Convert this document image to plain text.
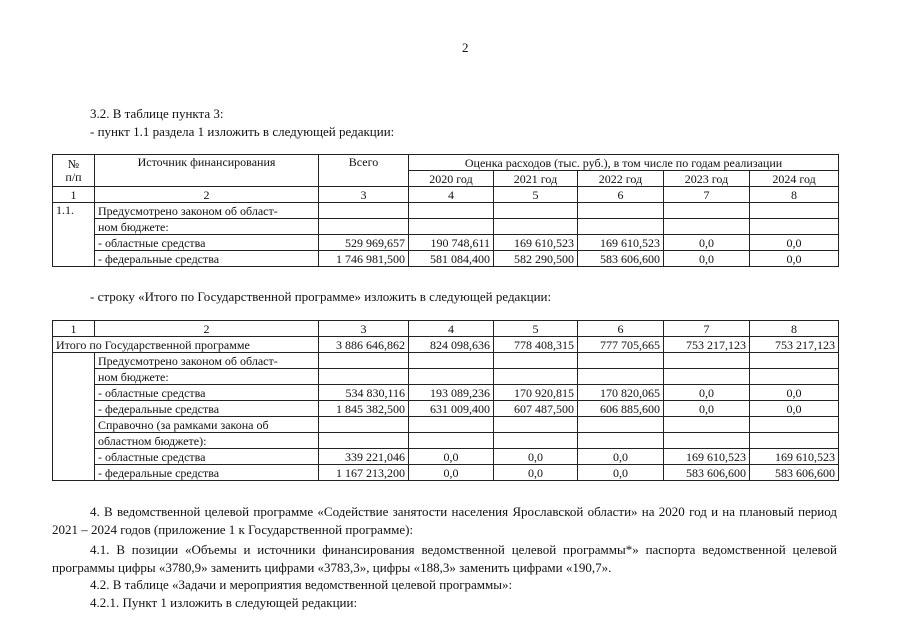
2
3.2. В таблице пункта 3:
- пункт 1.1 раздела 1 изложить в следующей редакции:
№
п/п	Источник финансирования	Всего	Оценка расходов (тыс. руб.), в том числе по годам реализации				
			2020 год	2021 год	2022 год	2023 год	2024 год
1	2	3	4	5	6	7	8
1.1.	Предусмотрено законом об област-						
	ном бюджете:						
	- областные средства	529 969,657	190 748,611	169 610,523	169 610,523	0,0	0,0
	- федеральные средства	1 746 981,500	581 084,400	582 290,500	583 606,600	0,0	0,0
- строку «Итого по Государственной программе» изложить в следующей редакции:
1	2	3	4	5	6	7	8
Итого по Государственной программе		3 886 646,862	824 098,636	778 408,315	777 705,665	753 217,123	753 217,123
	Предусмотрено законом об област-						
	ном бюджете:						
	- областные средства	534 830,116	193 089,236	170 920,815	170 820,065	0,0	0,0
	- федеральные средства	1 845 382,500	631 009,400	607 487,500	606 885,600	0,0	0,0
	Справочно (за рамками закона об						
	областном бюджете):						
	- областные средства	339 221,046	0,0	0,0	0,0	169 610,523	169 610,523
	- федеральные средства	1 167 213,200	0,0	0,0	0,0	583 606,600	583 606,600
4. В ведомственной целевой программе «Содействие занятости населения Ярославской области» на 2020 год и на плановый период 2021 – 2024 годов (приложение 1 к Государственной программе):
4.1. В позиции «Объемы и источники финансирования ведомственной целевой программы*» паспорта ведомственной целевой программы цифры «3780,9» заменить цифрами «3783,3», цифры «188,3» заменить цифрами «190,7».
4.2. В таблице «Задачи и мероприятия ведомственной целевой программы»:
4.2.1. Пункт 1 изложить в следующей редакции:
